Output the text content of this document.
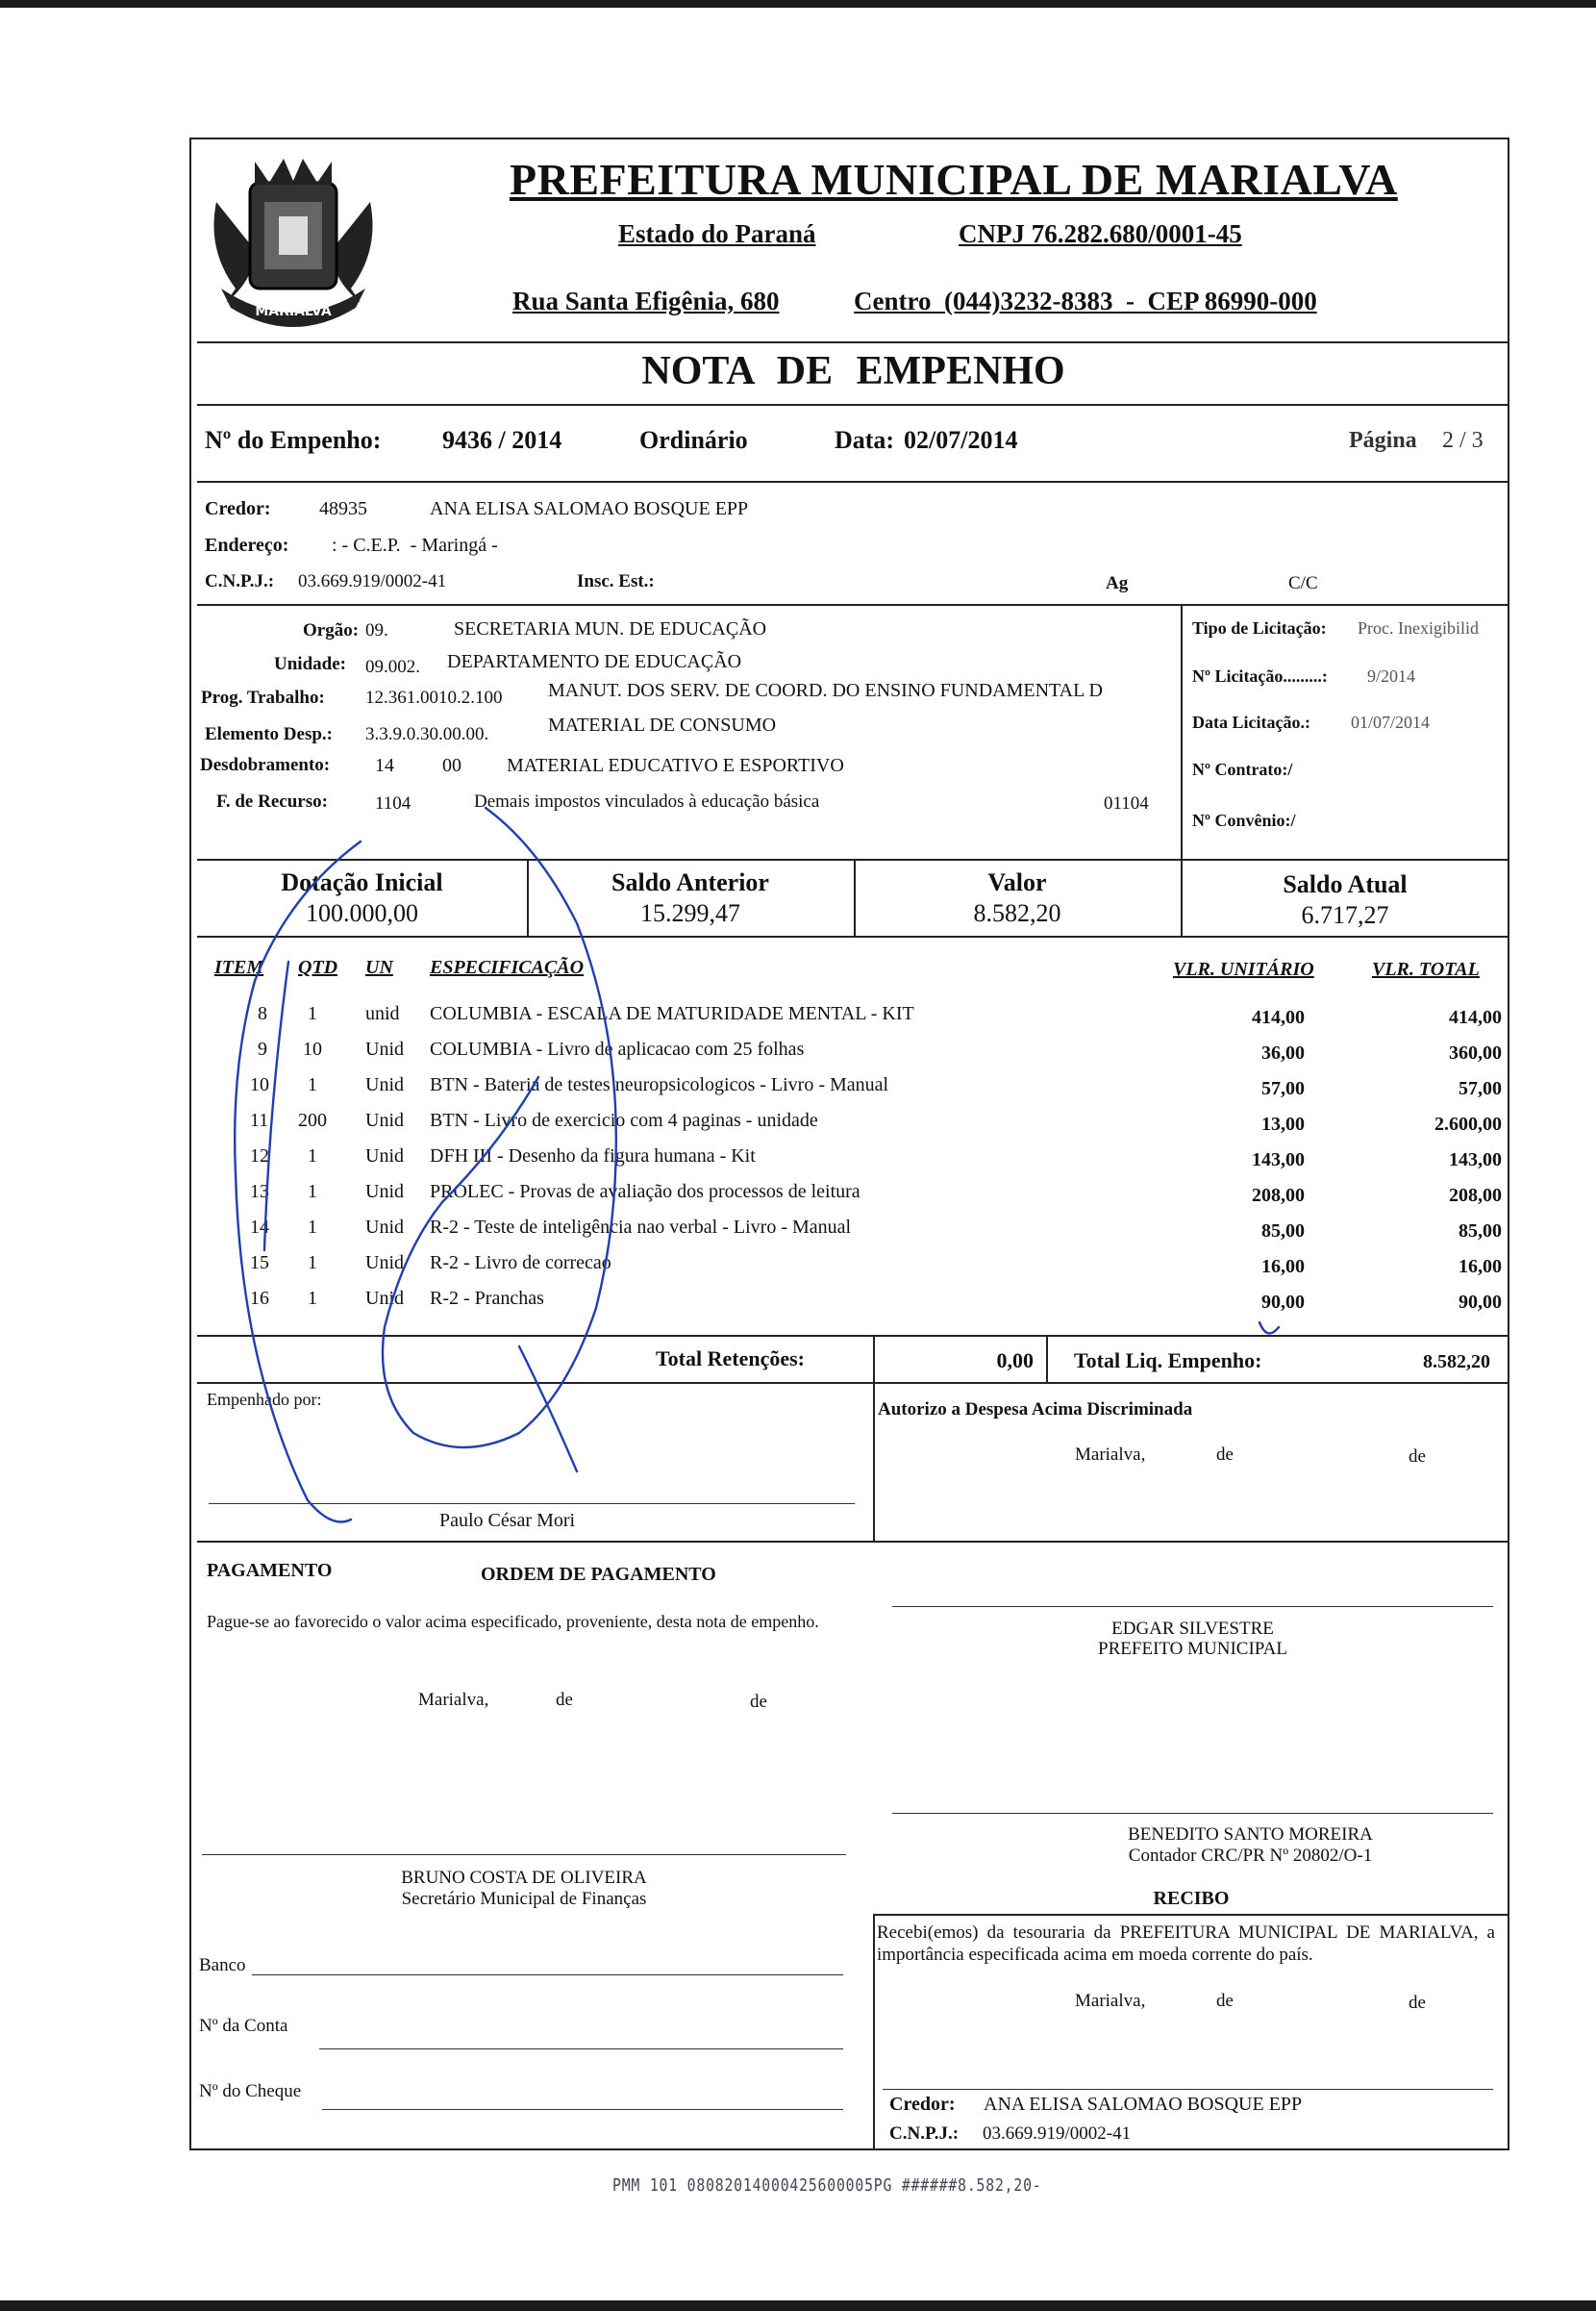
MARIALVA
PREFEITURA MUNICIPAL DE MARIALVA
Estado do Paraná	CNPJ 76.282.680/0001-45
Rua Santa Efigênia, 680	Centro  (044)3232-8383  -  CEP 86990-000
NOTA DE EMPENHO
Nº do Empenho: 9436 / 2014	Ordinário	Data: 02/07/2014	Página 2 / 3
Credor:	48935	ANA ELISA SALOMAO BOSQUE EPP
Endereço: : - C.E.P.  - Maringá -
C.N.P.J.: 03.669.919/0002-41	Insc. Est.:	Ag	C/C
Orgão: 09.	SECRETARIA MUN. DE EDUCAÇÃO
Unidade: 09.002. DEPARTAMENTO DE EDUCAÇÃO
Prog. Trabalho: 12.361.0010.2.100 MANUT. DOS SERV. DE COORD. DO ENSINO FUNDAMENTAL D
Elemento Desp.: 3.3.9.0.30.00.00.	MATERIAL DE CONSUMO
Desdobramento: 14	00 MATERIAL EDUCATIVO E ESPORTIVO
F. de Recurso:	1104	Demais impostos vinculados à educação básica	01104
Tipo de Licitação: Proc. Inexigibilid
Nº Licitação.........: 9/2014
Data Licitação.: 01/07/2014
Nº Contrato:/
Nº Convênio:/
Dotação Inicial
100.000,00
Saldo Anterior
15.299,47
Valor
8.582,20
Saldo Atual
6.717,27
ITEM QTD UN ESPECIFICAÇÃO	VLR. UNITÁRIO	VLR. TOTAL
8 1	unid COLUMBIA - ESCALA DE MATURIDADE MENTAL - KIT	414,00	414,00
9 10 Unid COLUMBIA - Livro de aplicacao com 25 folhas	36,00	360,00
10 1	Unid BTN - Bateria de testes neuropsicologicos - Livro - Manual	57,00	57,00
11 200 Unid BTN - Livro de exercicio com 4 paginas - unidade	13,00	2.600,00
12 1	Unid DFH III - Desenho da figura humana - Kit	143,00	143,00
13 1	Unid PROLEC - Provas de avaliação dos processos de leitura	208,00	208,00
14 1	Unid R-2 - Teste de inteligência nao verbal - Livro - Manual	85,00	85,00
15 1	Unid R-2 - Livro de correcao	16,00	16,00
16 1	Unid R-2 - Pranchas	90,00	90,00
Total Retenções:	0,00 Total Liq. Empenho:	8.582,20
Empenhado por:
Paulo César Mori
Autorizo a Despesa Acima Discriminada
Marialva,	de	de
PAGAMENTO	ORDEM DE PAGAMENTO
Pague-se ao favorecido o valor acima especificado, proveniente, desta nota de empenho.
Marialva,	de	de
EDGAR SILVESTRE
PREFEITO MUNICIPAL
BENEDITO SANTO MOREIRA
Contador CRC/PR Nº 20802/O-1
BRUNO COSTA DE OLIVEIRA
Secretário Municipal de Finanças	RECIBO
Recebi(emos) da tesouraria da PREFEITURA MUNICIPAL DE MARIALVA, a importância especificada acima em moeda corrente do país.
Marialva,	de	de
Credor: ANA ELISA SALOMAO BOSQUE EPP
C.N.P.J.: 03.669.919/0002-41
Banco
Nº da Conta
Nº do Cheque
PMM 101 08082014000425600005PG ######8.582,20-
